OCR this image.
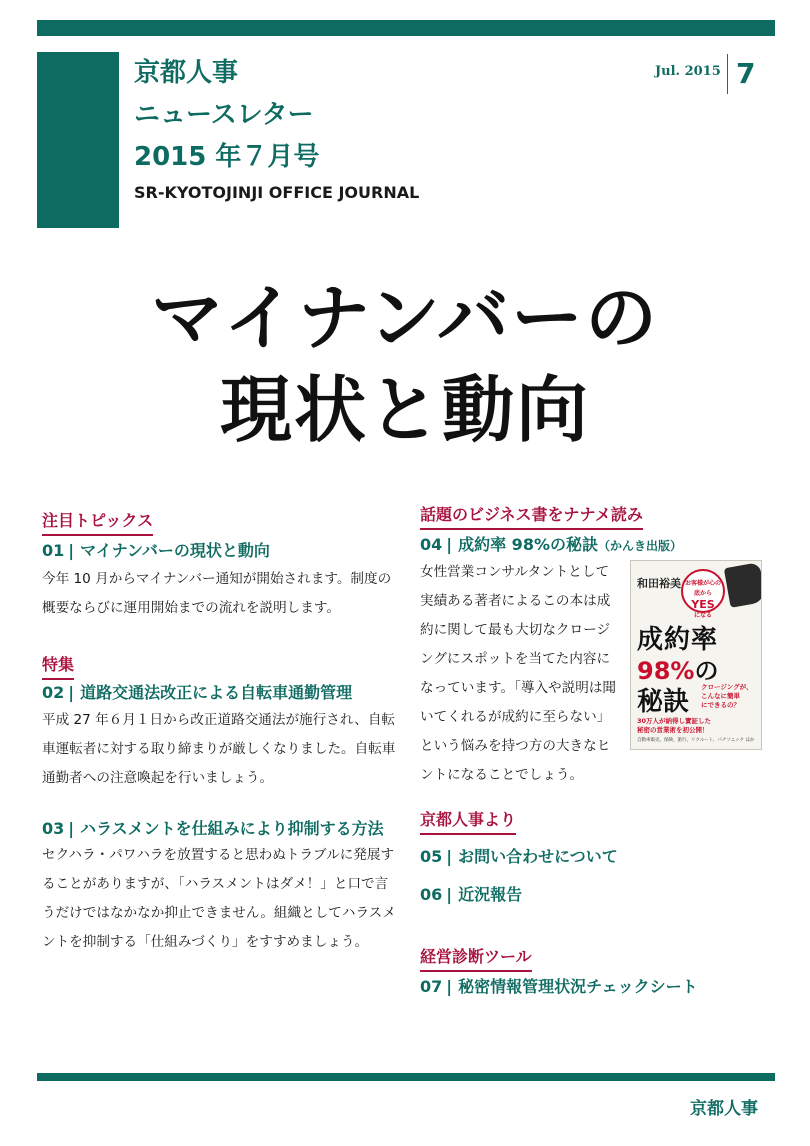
京都人事
ニュースレター
2015 年７月号
SR-KYOTOJINJI OFFICE JOURNAL
Jul. 2015 7
マイナンバーの
現状と動向
注目トピックス
01 | マイナンバーの現状と動向
今年 10 月からマイナンバー通知が開始されます。制度の
概要ならびに運用開始までの流れを説明します。
特集
02 | 道路交通法改正による自転車通勤管理
平成 27 年６月１日から改正道路交通法が施行され、自転
車運転者に対する取り締まりが厳しくなりました。自転車
通勤者への注意喚起を行いましょう。
03 | ハラスメントを仕組みにより抑制する方法
セクハラ・パワハラを放置すると思わぬトラブルに発展す
ることがありますが、「ハラスメントはダメ！」と口で言
うだけではなかなか抑止できません。組織としてハラスメ
ントを抑制する「仕組みづくり」をすすめましょう。
話題のビジネス書をナナメ読み
04 | 成約率 98%の秘訣（かんき出版）
女性営業コンサルタントとして
実績ある著者によるこの本は成
約に関して最も大切なクロージ
ングにスポットを当てた内容に
なっています。「導入や説明は聞
いてくれるが成約に至らない」
という悩みを持つ方の大きなヒ
ントになることでしょう。
和田裕美 お客様が心の底から
YES
になる
成約率
98%の
秘訣 クロージングが、
こんなに簡単
にできるの？
30万人が納得し實証した
秘密の営業術を初公開！
自動車販売、保険、旅行、リクルート、パナソニック ほか
京都人事より
05 | お問い合わせについて
06 | 近況報告
経営診断ツール
07 | 秘密情報管理状況チェックシート
京都人事
